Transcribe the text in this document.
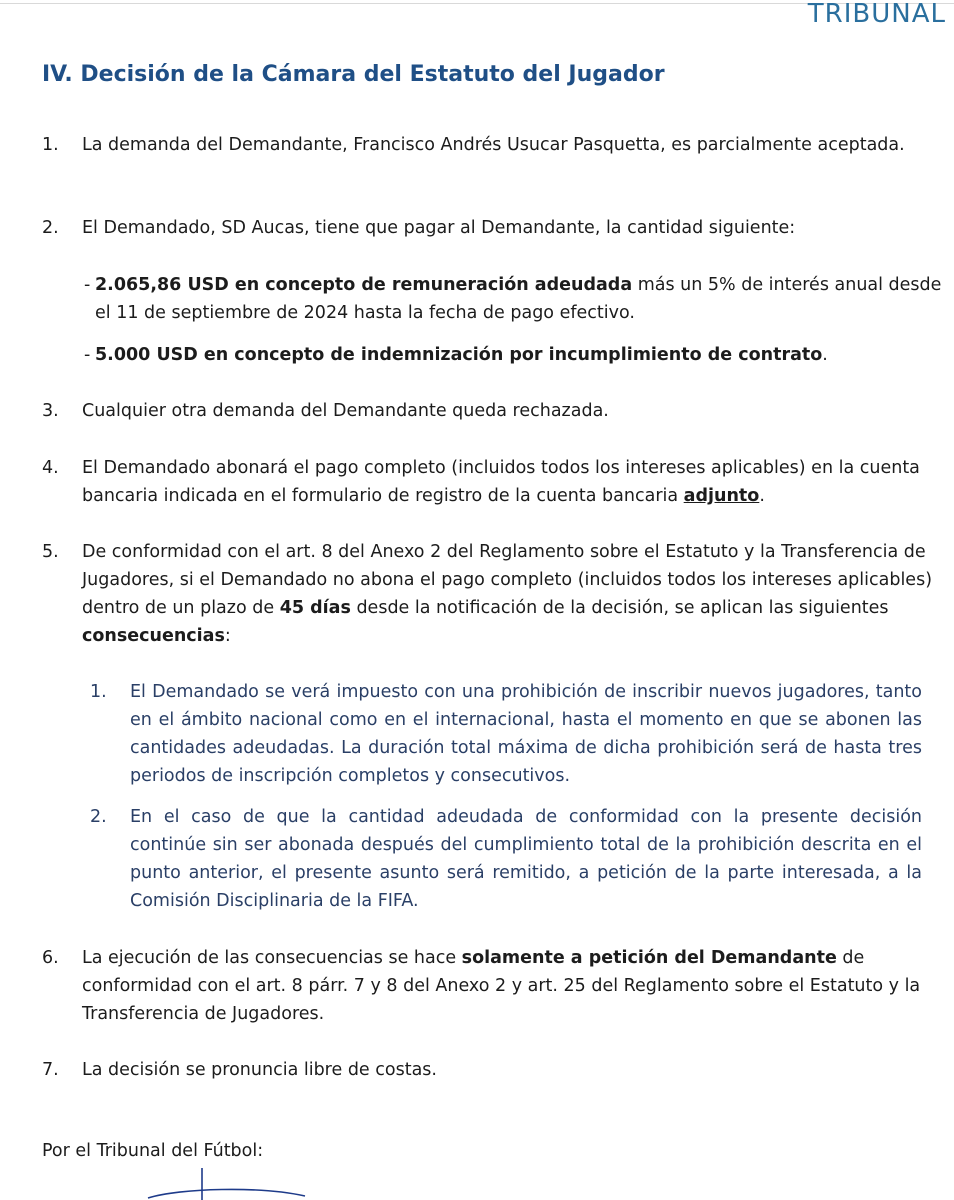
TRIBUNAL
IV. Decisión de la Cámara del Estatuto del Jugador
1. La demanda del Demandante, Francisco Andrés Usucar Pasquetta, es parcialmente aceptada.
2. El Demandado, SD Aucas, tiene que pagar al Demandante, la cantidad siguiente:
- 2.065,86 USD en concepto de remuneración adeudada más un 5% de interés anual desde el 11 de septiembre de 2024 hasta la fecha de pago efectivo.
- 5.000 USD en concepto de indemnización por incumplimiento de contrato.
3. Cualquier otra demanda del Demandante queda rechazada.
4. El Demandado abonará el pago completo (incluidos todos los intereses aplicables) en la cuenta bancaria indicada en el formulario de registro de la cuenta bancaria adjunto.
5. De conformidad con el art. 8 del Anexo 2 del Reglamento sobre el Estatuto y la Transferencia de Jugadores, si el Demandado no abona el pago completo (incluidos todos los intereses aplicables) dentro de un plazo de 45 días desde la notificación de la decisión, se aplican las siguientes consecuencias:
1. El Demandado se verá impuesto con una prohibición de inscribir nuevos jugadores, tanto en el ámbito nacional como en el internacional, hasta el momento en que se abonen las cantidades adeudadas. La duración total máxima de dicha prohibición será de hasta tres periodos de inscripción completos y consecutivos.
2. En el caso de que la cantidad adeudada de conformidad con la presente decisión continúe sin ser abonada después del cumplimiento total de la prohibición descrita en el punto anterior, el presente asunto será remitido, a petición de la parte interesada, a la Comisión Disciplinaria de la FIFA.
6. La ejecución de las consecuencias se hace solamente a petición del Demandante de conformidad con el art. 8 párr. 7 y 8 del Anexo 2 y art. 25 del Reglamento sobre el Estatuto y la Transferencia de Jugadores.
7. La decisión se pronuncia libre de costas.
Por el Tribunal del Fútbol:
